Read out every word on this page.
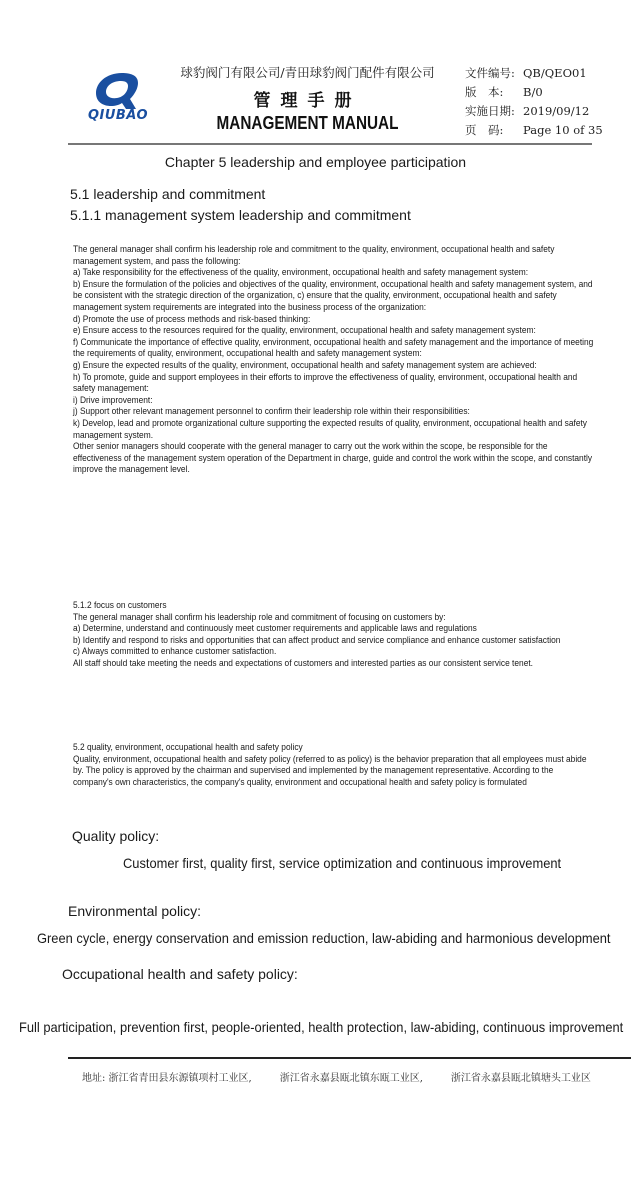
QIUBAO
球豹阀门有限公司/青田球豹阀门配件有限公司
管理手册
MANAGEMENT MANUAL
文件编号: QB/QEO01
版　本: B/0
实施日期: 2019/09/12
页　码: Page 10 of 35
Chapter 5 leadership and employee participation
5.1 leadership and commitment
5.1.1 management system leadership and commitment

The general manager shall confirm his leadership role and commitment to the quality, environment, occupational health and safety management system, and pass the following:

a) Take responsibility for the effectiveness of the quality, environment, occupational health and safety management system:

b) Ensure the formulation of the policies and objectives of the quality, environment, occupational health and safety management system, and be consistent with the strategic direction of the organization, c) ensure that the quality, environment, occupational health and safety management system requirements are integrated into the business process of the organization:

d) Promote the use of process methods and risk-based thinking:

e) Ensure access to the resources required for the quality, environment, occupational health and safety management system:

f) Communicate the importance of effective quality, environment, occupational health and safety management and the importance of meeting the requirements of quality, environment, occupational health and safety management system:

g) Ensure the expected results of the quality, environment, occupational health and safety management system are achieved:

h) To promote, guide and support employees in their efforts to improve the effectiveness of quality, environment, occupational health and safety management:

i) Drive improvement:

j) Support other relevant management personnel to confirm their leadership role within their responsibilities:

k) Develop, lead and promote organizational culture supporting the expected results of quality, environment, occupational health and safety management system.

Other senior managers should cooperate with the general manager to carry out the work within the scope, be responsible for the effectiveness of the management system operation of the Department in charge, guide and control the work within the scope, and constantly improve the management level.

5.1.2 focus on customers

The general manager shall confirm his leadership role and commitment of focusing on customers by:

a) Determine, understand and continuously meet customer requirements and applicable laws and regulations

b) Identify and respond to risks and opportunities that can affect product and service compliance and enhance customer satisfaction

c) Always committed to enhance customer satisfaction.

All staff should take meeting the needs and expectations of customers and interested parties as our consistent service tenet.

5.2 quality, environment, occupational health and safety policy

Quality, environment, occupational health and safety policy (referred to as policy) is the behavior preparation that all employees must abide by. The policy is approved by the chairman and supervised and implemented by the management representative. According to the company's own characteristics, the company's quality, environment and occupational health and safety policy is formulated

Quality policy:
Customer first, quality first, service optimization and continuous improvement
Environmental policy:
Green cycle, energy conservation and emission reduction, law-abiding and harmonious development
Occupational health and safety policy:
Full participation, prevention first, people-oriented, health protection, law-abiding, continuous improvement
地址: 浙江省青田县东源镇项村工业区,	浙江省永嘉县瓯北镇东瓯工业区,	浙江省永嘉县瓯北镇塘头工业区
